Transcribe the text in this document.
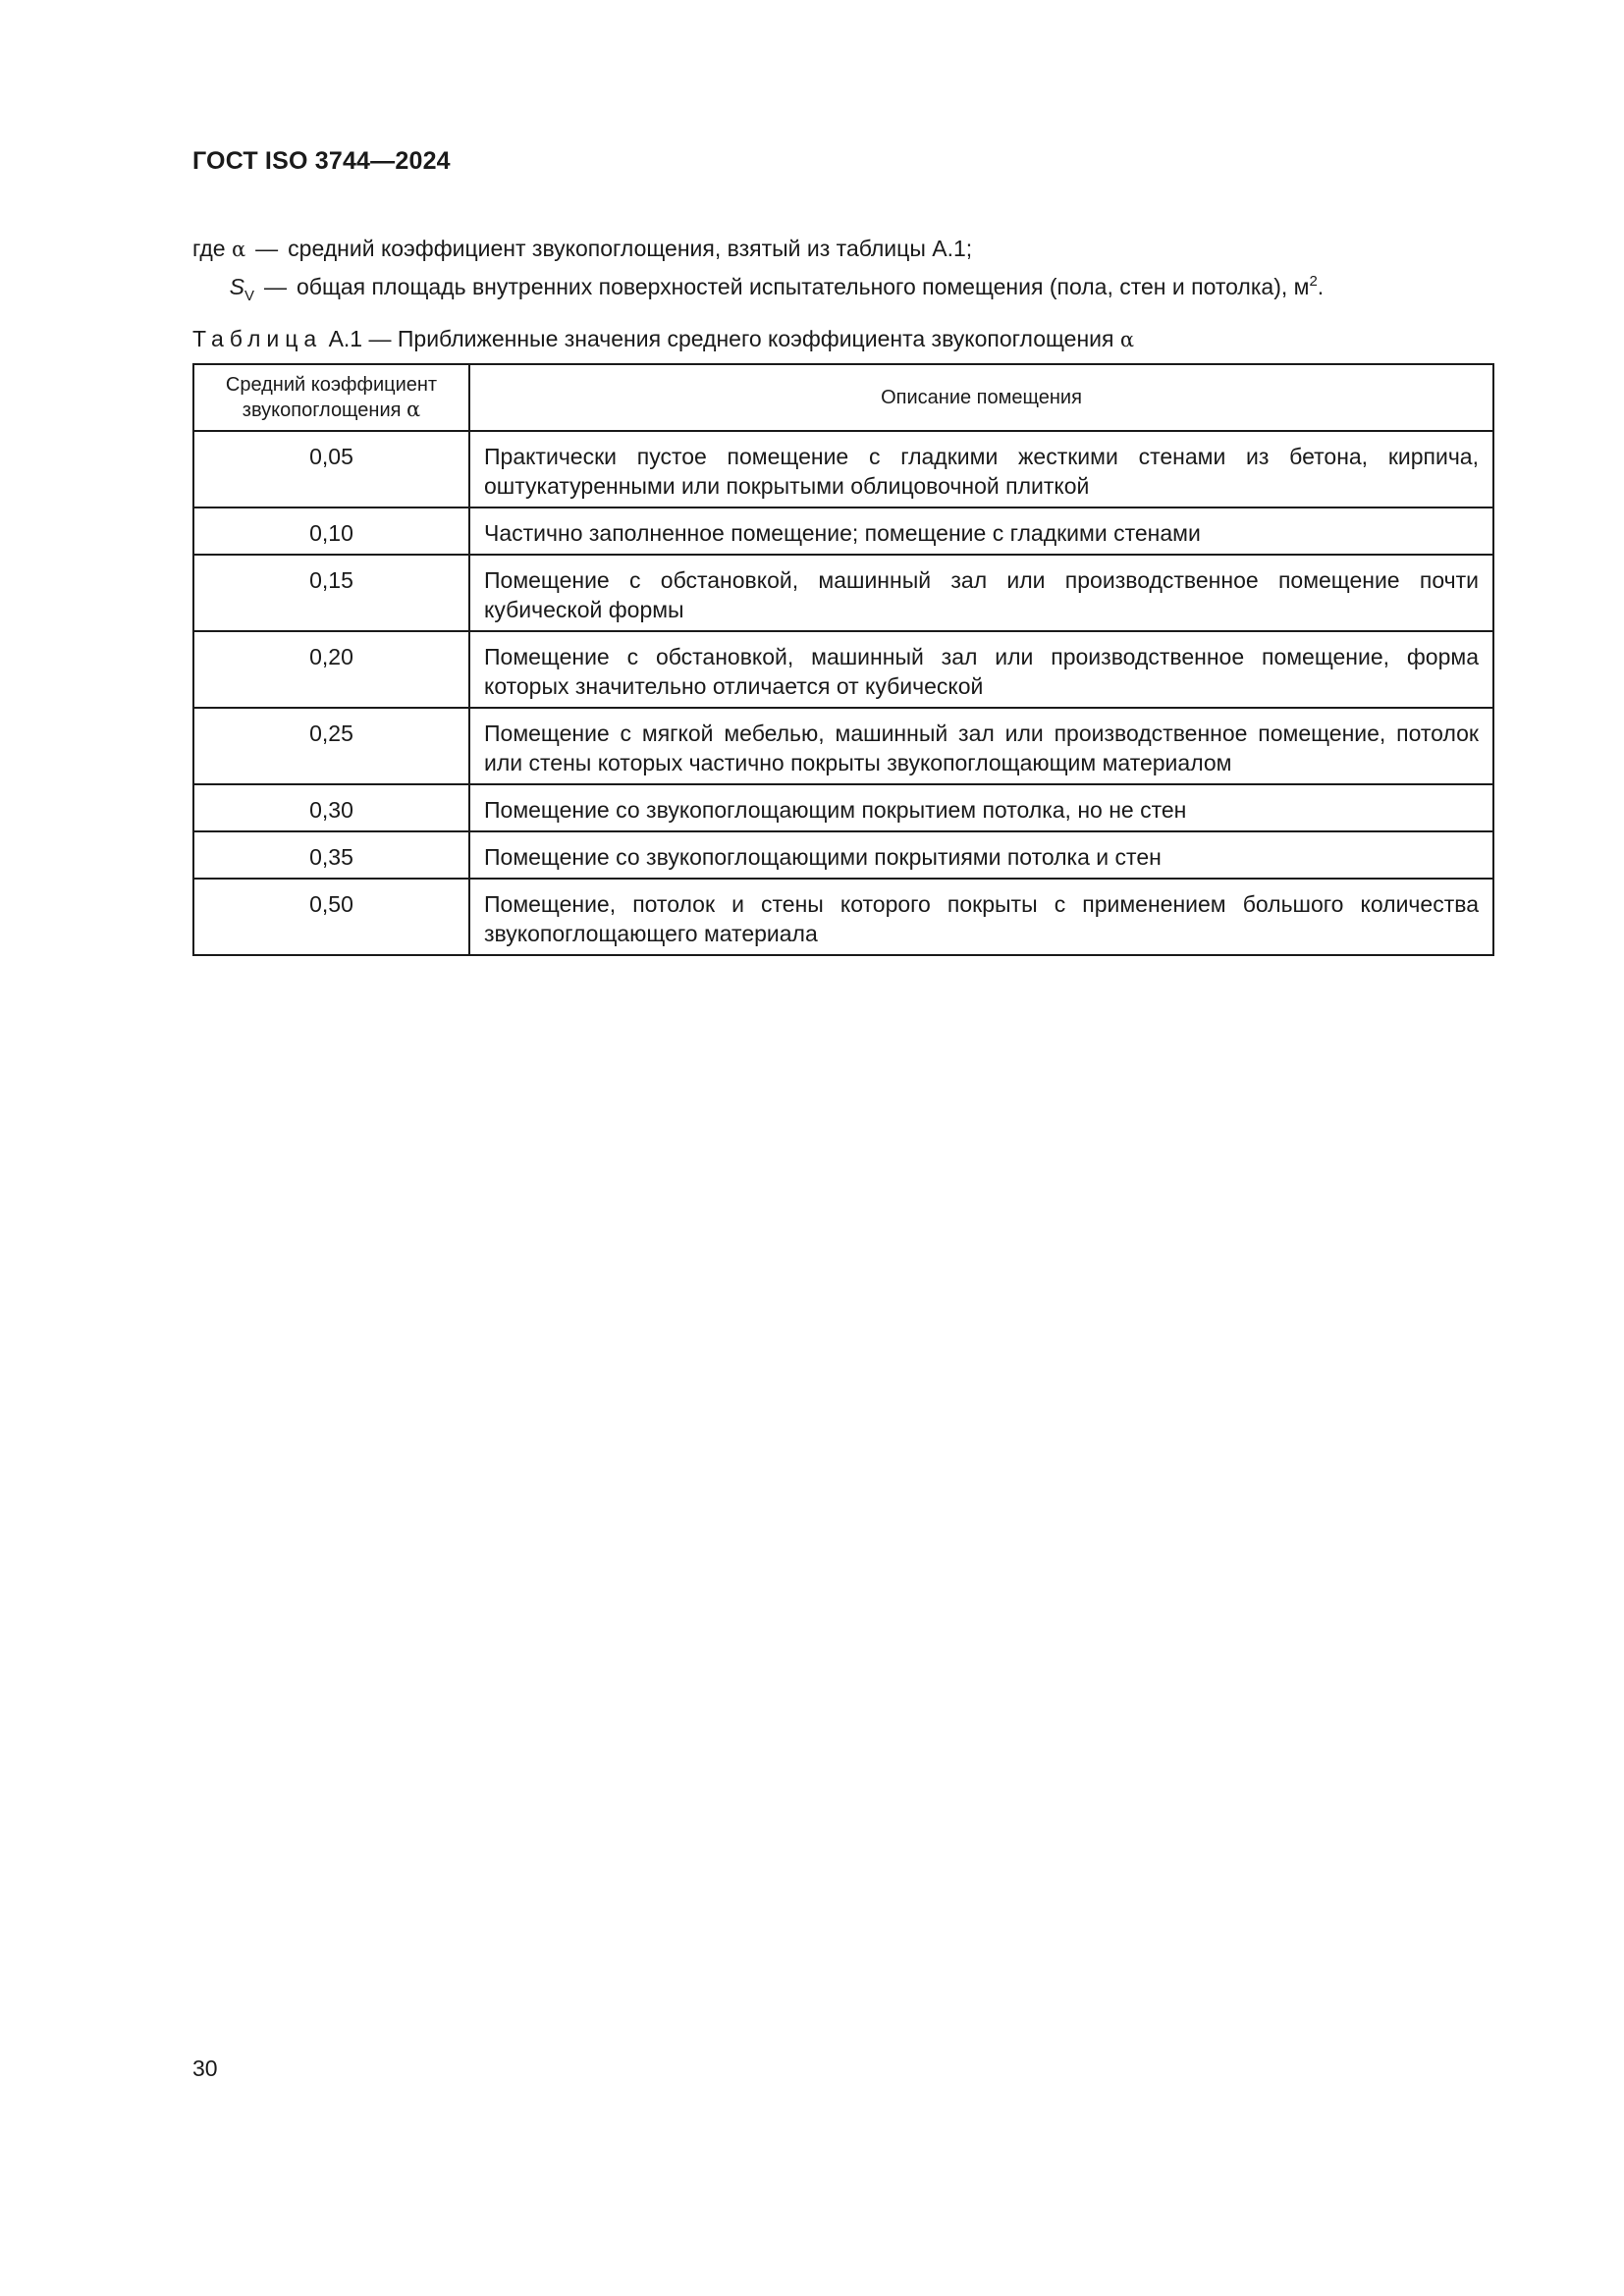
ГОСТ ISO 3744—2024
где α — средний коэффициент звукопоглощения, взятый из таблицы А.1;
$S_V$ — общая площадь внутренних поверхностей испытательного помещения (пола, стен и потолка), $м^2$.
Таблица А.1 — Приближенные значения среднего коэффициента звукопоглощения α
Средний коэффициент
звукопоглощения α	Описание помещения
0,05	Практически пустое помещение с гладкими жесткими стенами из бетона, кирпича, оштукатуренными или покрытыми облицовочной плиткой
0,10	Частично заполненное помещение; помещение с гладкими стенами
0,15	Помещение с обстановкой, машинный зал или производственное помещение почти кубической формы
0,20	Помещение с обстановкой, машинный зал или производственное помещение, форма которых значительно отличается от кубической
0,25	Помещение с мягкой мебелью, машинный зал или производственное помещение, потолок или стены которых частично покрыты звукопоглощающим материалом
0,30	Помещение со звукопоглощающим покрытием потолка, но не стен
0,35	Помещение со звукопоглощающими покрытиями потолка и стен
0,50	Помещение, потолок и стены которого покрыты с применением большого количества звукопоглощающего материала
30
